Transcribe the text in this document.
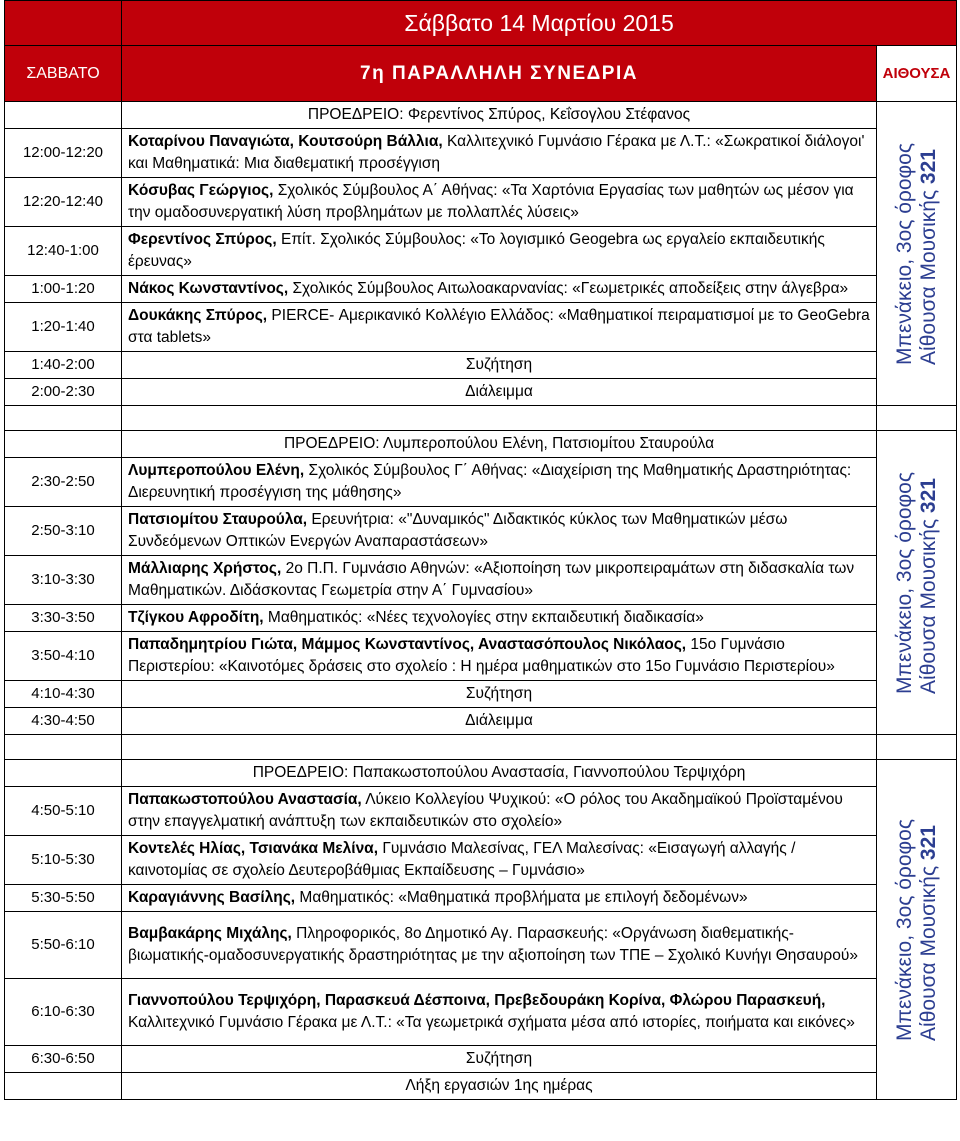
	Σάββατο 14 Μαρτίου 2015	
ΣΑΒΒΑΤΟ	7η ΠΑΡΑΛΛΗΛΗ ΣΥΝΕΔΡΙΑ	ΑΙΘΟΥΣΑ
	ΠΡΟΕΔΡΕΙΟ: Φερεντίνος Σπύρος, Κεΐσογλου Στέφανος	Μπενάκειο, 3ος όροφος Αίθουσα Μουσικής 321

12:00-12:20	Κοταρίνου Παναγιώτα, Κουτσούρη Βάλλια, Καλλιτεχνικό Γυμνάσιο Γέρακα με Λ.Τ.: «Σωκρατικοί διάλογοι' και Μαθηματικά: Μια διαθεματική προσέγγιση	
12:20-12:40	Κόσυβας Γεώργιος, Σχολικός Σύμβουλος Α΄ Αθήνας: «Τα Χαρτόνια Εργασίας των μαθητών ως μέσον για την ομαδοσυνεργατική λύση προβλημάτων με πολλαπλές λύσεις»	
12:40-1:00	Φερεντίνος Σπύρος, Επίτ. Σχολικός Σύμβουλος: «Το λογισμικό Geogebra ως εργαλείο εκπαιδευτικής έρευνας»	
1:00-1:20	Νάκος Κωνσταντίνος, Σχολικός Σύμβουλος Αιτωλοακαρνανίας: «Γεωμετρικές αποδείξεις στην άλγεβρα»	
1:20-1:40	Δουκάκης Σπύρος, PIERCE- Αμερικανικό Κολλέγιο Ελλάδος: «Μαθηματικοί πειραματισμοί με το GeoGebra στα tablets»	
1:40-2:00	Συζήτηση	
2:00-2:30	Διάλειμμα	

	ΠΡΟΕΔΡΕΙΟ: Λυμπεροπούλου Ελένη, Πατσιομίτου Σταυρούλα	Μπενάκειο, 3ος όροφος Αίθουσα Μουσικής 321

2:30-2:50	Λυμπεροπούλου Ελένη, Σχολικός Σύμβουλος Γ΄ Αθήνας: «Διαχείριση της Μαθηματικής Δραστηριότητας: Διερευνητική προσέγγιση της μάθησης»	
2:50-3:10	Πατσιομίτου Σταυρούλα, Ερευνήτρια: «"Δυναμικός" Διδακτικός κύκλος των Μαθηματικών μέσω Συνδεόμενων Οπτικών Ενεργών Αναπαραστάσεων»	
3:10-3:30	Μάλλιαρης Χρήστος, 2ο Π.Π. Γυμνάσιο Αθηνών: «Αξιοποίηση των μικροπειραμάτων στη διδασκαλία των Μαθηματικών. Διδάσκοντας Γεωμετρία στην Α΄ Γυμνασίου»	
3:30-3:50	Τζίγκου Αφροδίτη, Μαθηματικός: «Νέες τεχνολογίες στην εκπαιδευτική διαδικασία»	
3:50-4:10	Παπαδημητρίου Γιώτα, Μάμμος Κωνσταντίνος, Αναστασόπουλος Νικόλαος, 15ο Γυμνάσιο Περιστερίου: «Καινοτόμες δράσεις στο σχολείο : Η ημέρα μαθηματικών στο 15ο Γυμνάσιο Περιστερίου»	
4:10-4:30	Συζήτηση	
4:30-4:50	Διάλειμμα	

	ΠΡΟΕΔΡΕΙΟ: Παπακωστοπούλου Αναστασία, Γιαννοπούλου Τερψιχόρη	Μπενάκειο, 3ος όροφος Αίθουσα Μουσικής 321

4:50-5:10	Παπακωστοπούλου Αναστασία, Λύκειο Κολλεγίου Ψυχικού: «Ο ρόλος του Ακαδημαϊκού Προϊσταμένου στην επαγγελματική ανάπτυξη των εκπαιδευτικών στο σχολείο»	
5:10-5:30	Κοντελές Ηλίας, Τσιανάκα Μελίνα, Γυμνάσιο Μαλεσίνας, ΓΕΛ Μαλεσίνας: «Εισαγωγή αλλαγής / καινοτομίας σε σχολείο Δευτεροβάθμιας Εκπαίδευσης – Γυμνάσιο»	
5:30-5:50	Καραγιάννης Βασίλης, Μαθηματικός: «Μαθηματικά προβλήματα με επιλογή δεδομένων»	
5:50-6:10	Βαμβακάρης Μιχάλης, Πληροφορικός, 8ο Δημοτικό Αγ. Παρασκευής: «Οργάνωση διαθεματικής-βιωματικής-ομαδοσυνεργατικής δραστηριότητας με την αξιοποίηση των ΤΠΕ – Σχολικό Κυνήγι Θησαυρού»	
6:10-6:30	Γιαννοπούλου Τερψιχόρη, Παρασκευά Δέσποινα, Πρεβεδουράκη Κορίνα, Φλώρου Παρασκευή, Καλλιτεχνικό Γυμνάσιο Γέρακα με Λ.Τ.: «Τα γεωμετρικά σχήματα μέσα από ιστορίες, ποιήματα και εικόνες»	
6:30-6:50	Συζήτηση	
	Λήξη εργασιών 1ης ημέρας	
